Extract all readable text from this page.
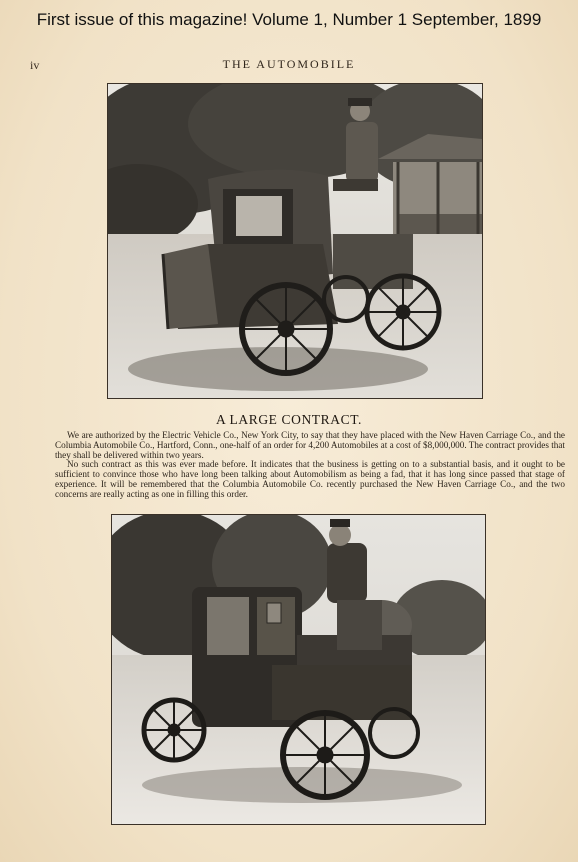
First issue of this magazine! Volume 1, Number 1 September, 1899
iv	THE AUTOMOBILE
A LARGE CONTRACT.

We are authorized by the Electric Vehicle Co., New York City, to say that they have placed with the New Haven Carriage Co., and the Columbia Automobile Co., Hartford, Conn., one-half of an order for 4,200 Automobiles at a cost of $8,000,000. The contract provides that they shall be delivered within two years.

No such contract as this was ever made before. It indicates that the business is getting on to a substantial basis, and it ought to be sufficient to convince those who have long been talking about Automobilism as being a fad, that it has long since passed that stage of experience. It will be remembered that the Columbia Automobile Co. recently purchased the New Haven Carriage Co., and the two concerns are really acting as one in filling this order.
